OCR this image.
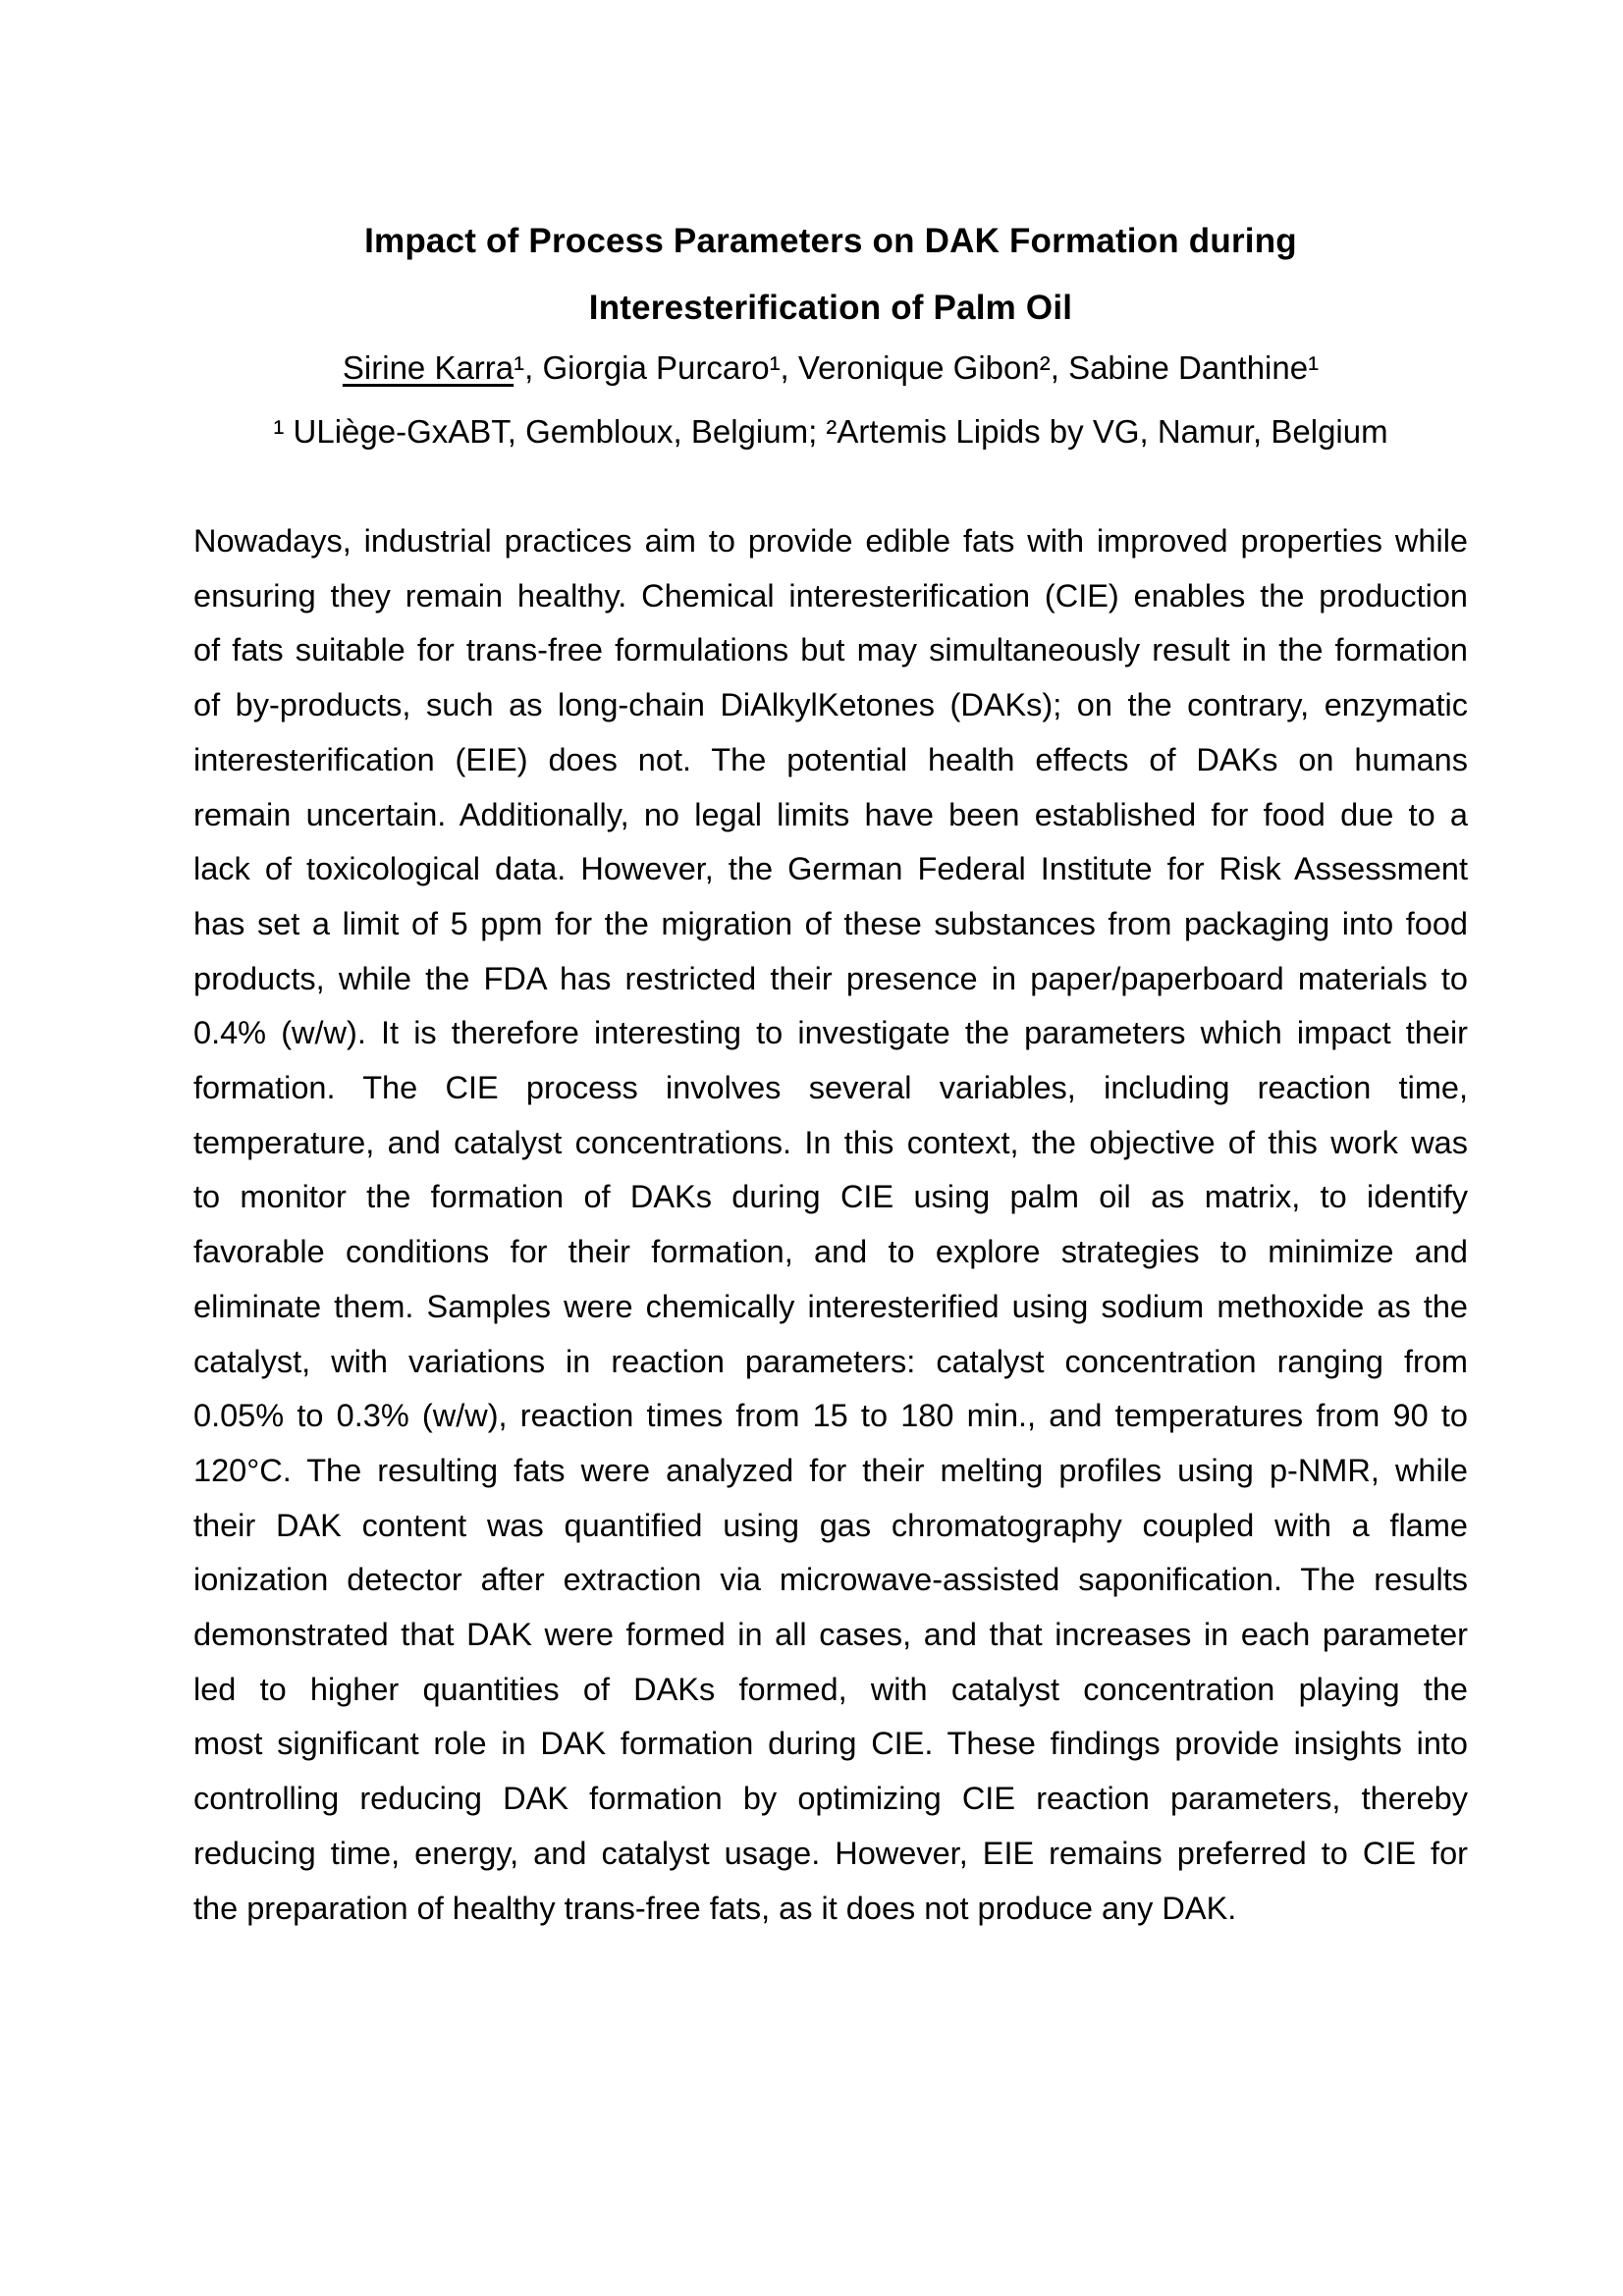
Impact of Process Parameters on DAK Formation during
Interesterification of Palm Oil
Sirine Karra¹, Giorgia Purcaro¹, Veronique Gibon², Sabine Danthine¹
¹ ULiège-GxABT, Gembloux, Belgium; ²Artemis Lipids by VG, Namur, Belgium
Nowadays, industrial practices aim to provide edible fats with improved properties while
ensuring they remain healthy. Chemical interesterification (CIE) enables the production
of fats suitable for trans-free formulations but may simultaneously result in the formation
of by-products, such as long-chain DiAlkylKetones (DAKs); on the contrary, enzymatic
interesterification (EIE) does not. The potential health effects of DAKs on humans
remain uncertain. Additionally, no legal limits have been established for food due to a
lack of toxicological data. However, the German Federal Institute for Risk Assessment
has set a limit of 5 ppm for the migration of these substances from packaging into food
products, while the FDA has restricted their presence in paper/paperboard materials to
0.4% (w/w). It is therefore interesting to investigate the parameters which impact their
formation. The CIE process involves several variables, including reaction time,
temperature, and catalyst concentrations. In this context, the objective of this work was
to monitor the formation of DAKs during CIE using palm oil as matrix, to identify
favorable conditions for their formation, and to explore strategies to minimize and
eliminate them. Samples were chemically interesterified using sodium methoxide as the
catalyst, with variations in reaction parameters: catalyst concentration ranging from
0.05% to 0.3% (w/w), reaction times from 15 to 180 min., and temperatures from 90 to
120°C. The resulting fats were analyzed for their melting profiles using p-NMR, while
their DAK content was quantified using gas chromatography coupled with a flame
ionization detector after extraction via microwave-assisted saponification. The results
demonstrated that DAK were formed in all cases, and that increases in each parameter
led to higher quantities of DAKs formed, with catalyst concentration playing the
most significant role in DAK formation during CIE. These findings provide insights into
controlling reducing DAK formation by optimizing CIE reaction parameters, thereby
reducing time, energy, and catalyst usage. However, EIE remains preferred to CIE for
the preparation of healthy trans-free fats, as it does not produce any DAK.
